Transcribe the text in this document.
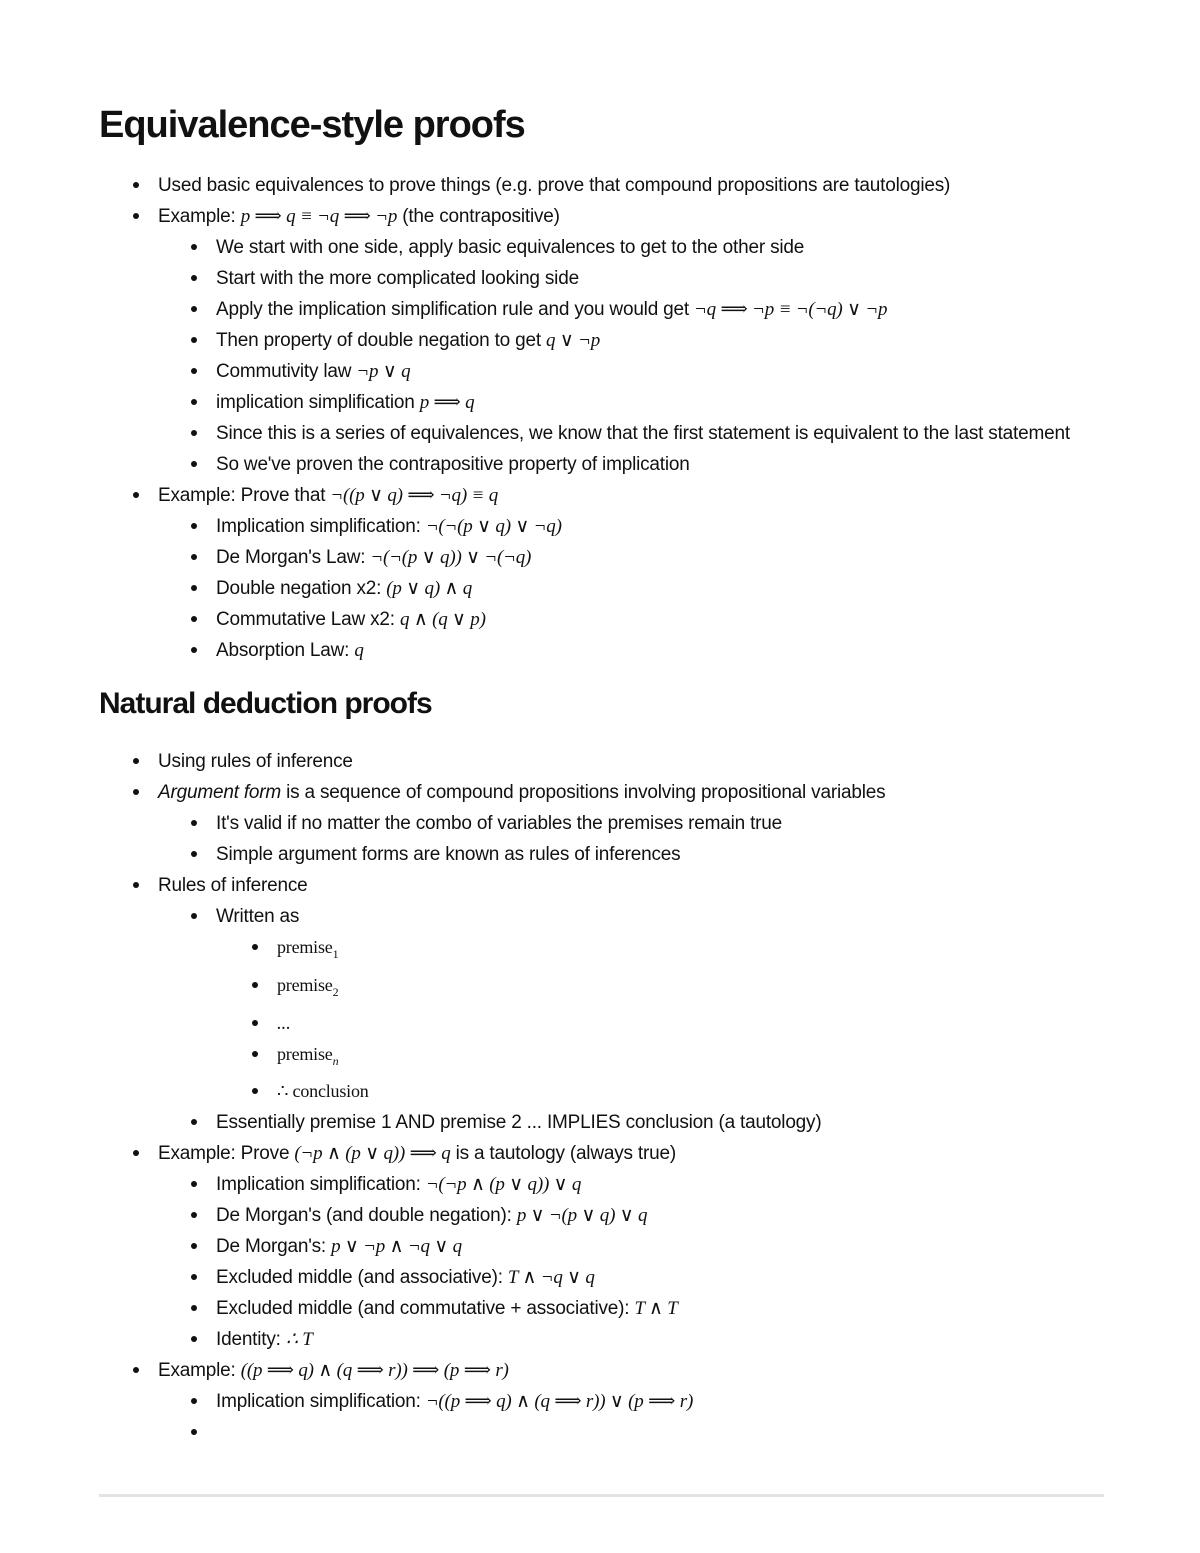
Equivalence-style proofs
Used basic equivalences to prove things (e.g. prove that compound propositions are tautologies)
Example: p ⟹ q ≡ ¬q ⟹ ¬p (the contrapositive)
We start with one side, apply basic equivalences to get to the other side
Start with the more complicated looking side
Apply the implication simplification rule and you would get ¬q ⟹ ¬p ≡ ¬(¬q) ∨ ¬p
Then property of double negation to get q ∨ ¬p
Commutivity law ¬p ∨ q
implication simplification p ⟹ q
Since this is a series of equivalences, we know that the first statement is equivalent to the last statement
So we've proven the contrapositive property of implication
Example: Prove that ¬((p ∨ q) ⟹ ¬q) ≡ q
Implication simplification: ¬(¬(p ∨ q) ∨ ¬q)
De Morgan's Law: ¬(¬(p ∨ q)) ∨ ¬(¬q)
Double negation x2: (p ∨ q) ∧ q
Commutative Law x2: q ∧ (q ∨ p)
Absorption Law: q
Natural deduction proofs
Using rules of inference
Argument form is a sequence of compound propositions involving propositional variables
It's valid if no matter the combo of variables the premises remain true
Simple argument forms are known as rules of inferences
Rules of inference
Written as
premise$_1$
premise$_2$
...
premise$_n$
∴ conclusion
Essentially premise 1 AND premise 2 ... IMPLIES conclusion (a tautology)
Example: Prove (¬p ∧ (p ∨ q)) ⟹ q is a tautology (always true)
Implication simplification: ¬(¬p ∧ (p ∨ q)) ∨ q
De Morgan's (and double negation): p ∨ ¬(p ∨ q) ∨ q
De Morgan's: p ∨ ¬p ∧ ¬q ∨ q
Excluded middle (and associative): T ∧ ¬q ∨ q
Excluded middle (and commutative + associative): T ∧ T
Identity: ∴ T
Example: ((p ⟹ q) ∧ (q ⟹ r)) ⟹ (p ⟹ r)
Implication simplification: ¬((p ⟹ q) ∧ (q ⟹ r)) ∨ (p ⟹ r)
